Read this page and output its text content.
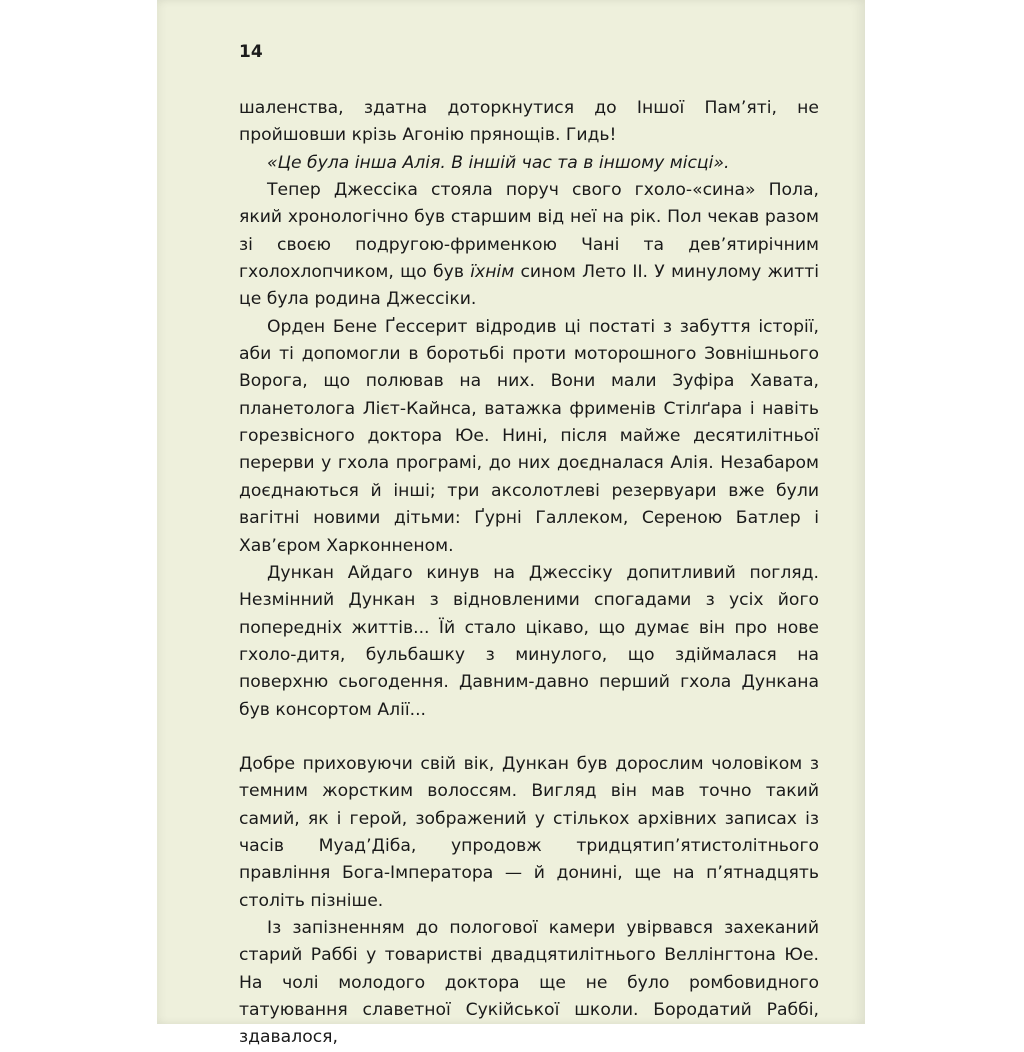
14

шаленства, здатна доторкнутися до Іншої Пам’яті, не пройшовши крізь Агонію прянощів. Гидь!

«Це була інша Алія. В іншій час та в іншому місці».

Тепер Джессіка стояла поруч свого гхоло-«сина» Пола, який хронологічно був старшим від неї на рік. Пол чекав разом зі своєю подругою-фрименкою Чані та дев’ятирічним гхолохлопчиком, що був їхнім сином Лето II. У минулому житті це була родина Джессіки.

Орден Бене Ґессерит відродив ці постаті з забуття історії, аби ті допомогли в боротьбі проти моторошного Зовнішнього Ворога, що полював на них. Вони мали Зуфіра Хавата, планетолога Лієт-Кайнса, ватажка фрименів Стілґара і навіть горезвісного доктора Юе. Нині, після майже десятилітньої перерви у гхола програмі, до них доєдналася Алія. Незабаром доєднаються й інші; три аксолотлеві резервуари вже були вагітні новими дітьми: Ґурні Галлеком, Сереною Батлер і Хав’єром Харконненом.

Дункан Айдаго кинув на Джессіку допитливий погляд. Незмінний Дункан з відновленими спогадами з усіх його попередніх життів... Їй стало цікаво, що думає він про нове гхоло-дитя, бульбашку з минулого, що здіймалася на поверхню сьогодення. Давним-давно перший гхола Дункана був консортом Алії...

Добре приховуючи свій вік, Дункан був дорослим чоловіком з темним жорстким волоссям. Вигляд він мав точно такий самий, як і герой, зображений у стількох архівних записах із часів Муад’Діба, упродовж тридцятип’ятистолітнього правління Бога-Імператора — й донині, ще на п’ятнадцять століть пізніше.

Із запізненням до пологової камери увірвався захеканий старий Раббі у товаристві двадцятилітнього Веллінгтона Юе. На чолі молодого доктора ще не було ромбовидного татуювання славетної Сукійської школи. Бородатий Раббі, здавалося,
